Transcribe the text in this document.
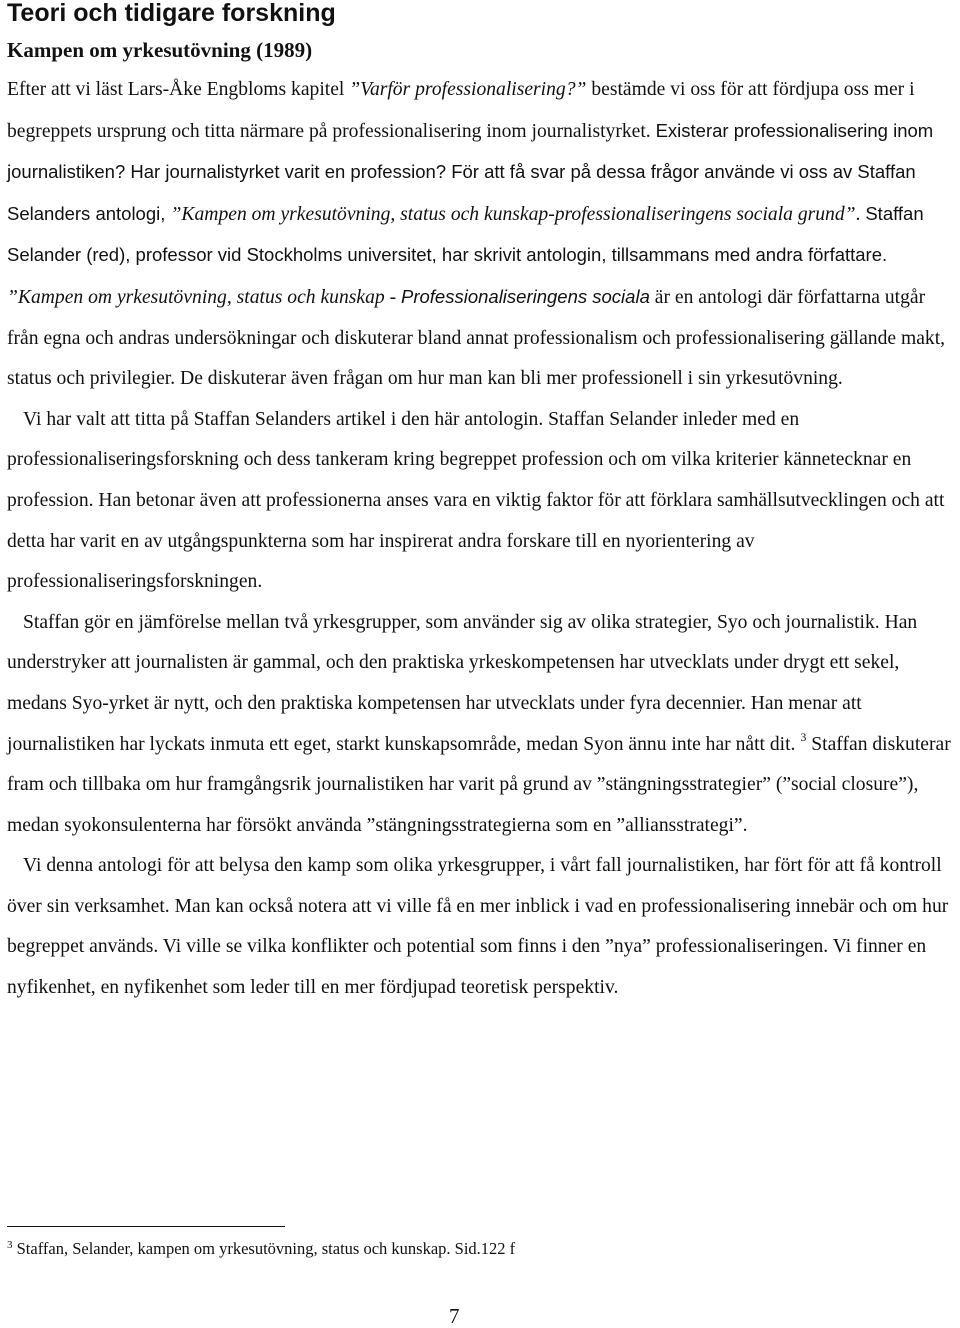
Teori och tidigare forskning
Kampen om yrkesutövning (1989)

Efter att vi läst Lars-Åke Engbloms kapitel ”Varför professionalisering?” bestämde vi oss för att fördjupa oss mer i begreppets ursprung och titta närmare på professionalisering inom journalistyrket. Existerar professionalisering inom journalistiken? Har journalistyrket varit en profession? För att få svar på dessa frågor använde vi oss av Staffan Selanders antologi, ”Kampen om yrkesutövning, status och kunskap-professionaliseringens sociala grund”. Staffan Selander (red), professor vid Stockholms universitet, har skrivit antologin, tillsammans med andra författare. ”Kampen om yrkesutövning, status och kunskap - Professionaliseringens sociala är en antologi där författarna utgår från egna och andras undersökningar och diskuterar bland annat professionalism och professionalisering gällande makt, status och privilegier. De diskuterar även frågan om hur man kan bli mer professionell i sin yrkesutövning.

Vi har valt att titta på Staffan Selanders artikel i den här antologin. Staffan Selander inleder med en professionaliseringsforskning och dess tankeram kring begreppet profession och om vilka kriterier kännetecknar en profession. Han betonar även att professionerna anses vara en viktig faktor för att förklara samhällsutvecklingen och att detta har varit en av utgångspunkterna som har inspirerat andra forskare till en nyorientering av professionaliseringsforskningen.

Staffan gör en jämförelse mellan två yrkesgrupper, som använder sig av olika strategier, Syo och journalistik. Han understryker att journalisten är gammal, och den praktiska yrkeskompetensen har utvecklats under drygt ett sekel, medans Syo-yrket är nytt, och den praktiska kompetensen har utvecklats under fyra decennier. Han menar att journalistiken har lyckats inmuta ett eget, starkt kunskapsområde, medan Syon ännu inte har nått dit. $^3$ Staffan diskuterar fram och tillbaka om hur framgångsrik journalistiken har varit på grund av ”stängningsstrategier” (”social closure”), medan syokonsulenterna har försökt använda ”stängningsstrategierna som en ”alliansstrategi”.

Vi denna antologi för att belysa den kamp som olika yrkesgrupper, i vårt fall journalistiken, har fört för att få kontroll över sin verksamhet. Man kan också notera att vi ville få en mer inblick i vad en professionalisering innebär och om hur begreppet används. Vi ville se vilka konflikter och potential som finns i den ”nya” professionaliseringen. Vi finner en nyfikenhet, en nyfikenhet som leder till en mer fördjupad teoretisk perspektiv.

$^3$ Staffan, Selander, kampen om yrkesutövning, status och kunskap. Sid.122 f

7
